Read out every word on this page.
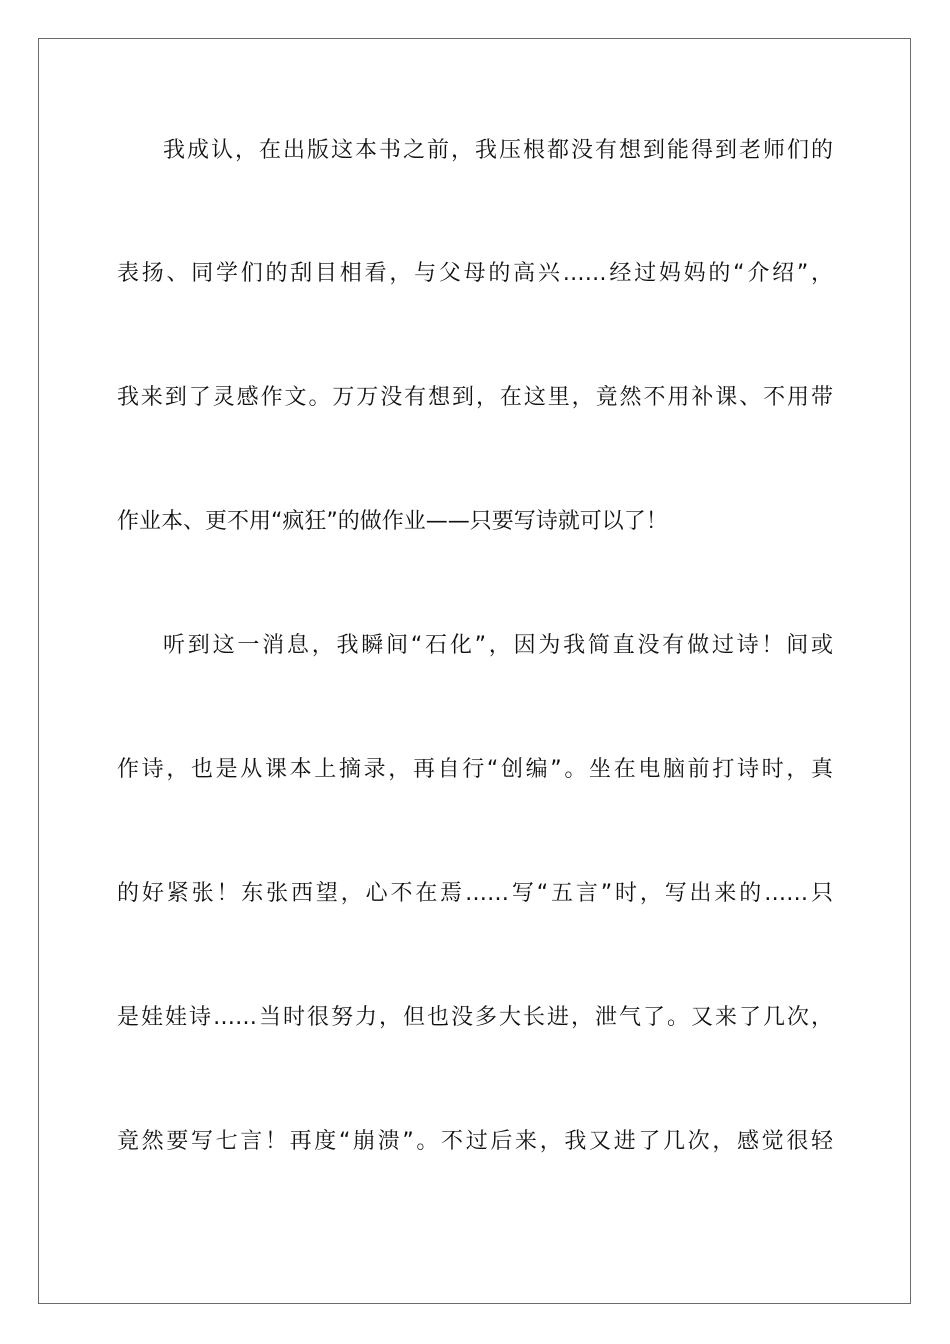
我成认，在出版这本书之前，我压根都没有想到能得到老师们的
表扬、同学们的刮目相看，与父母的高兴……经过妈妈的“介绍”，
我来到了灵感作文。万万没有想到，在这里，竟然不用补课、不用带
作业本、更不用“疯狂”的做作业——只要写诗就可以了！
听到这一消息，我瞬间“石化”，因为我简直没有做过诗！间或
作诗，也是从课本上摘录，再自行“创编”。坐在电脑前打诗时，真
的好紧张！东张西望，心不在焉……写“五言”时，写出来的……只
是娃娃诗……当时很努力，但也没多大长进，泄气了。又来了几次，
竟然要写七言！再度“崩溃”。不过后来，我又进了几次，感觉很轻
